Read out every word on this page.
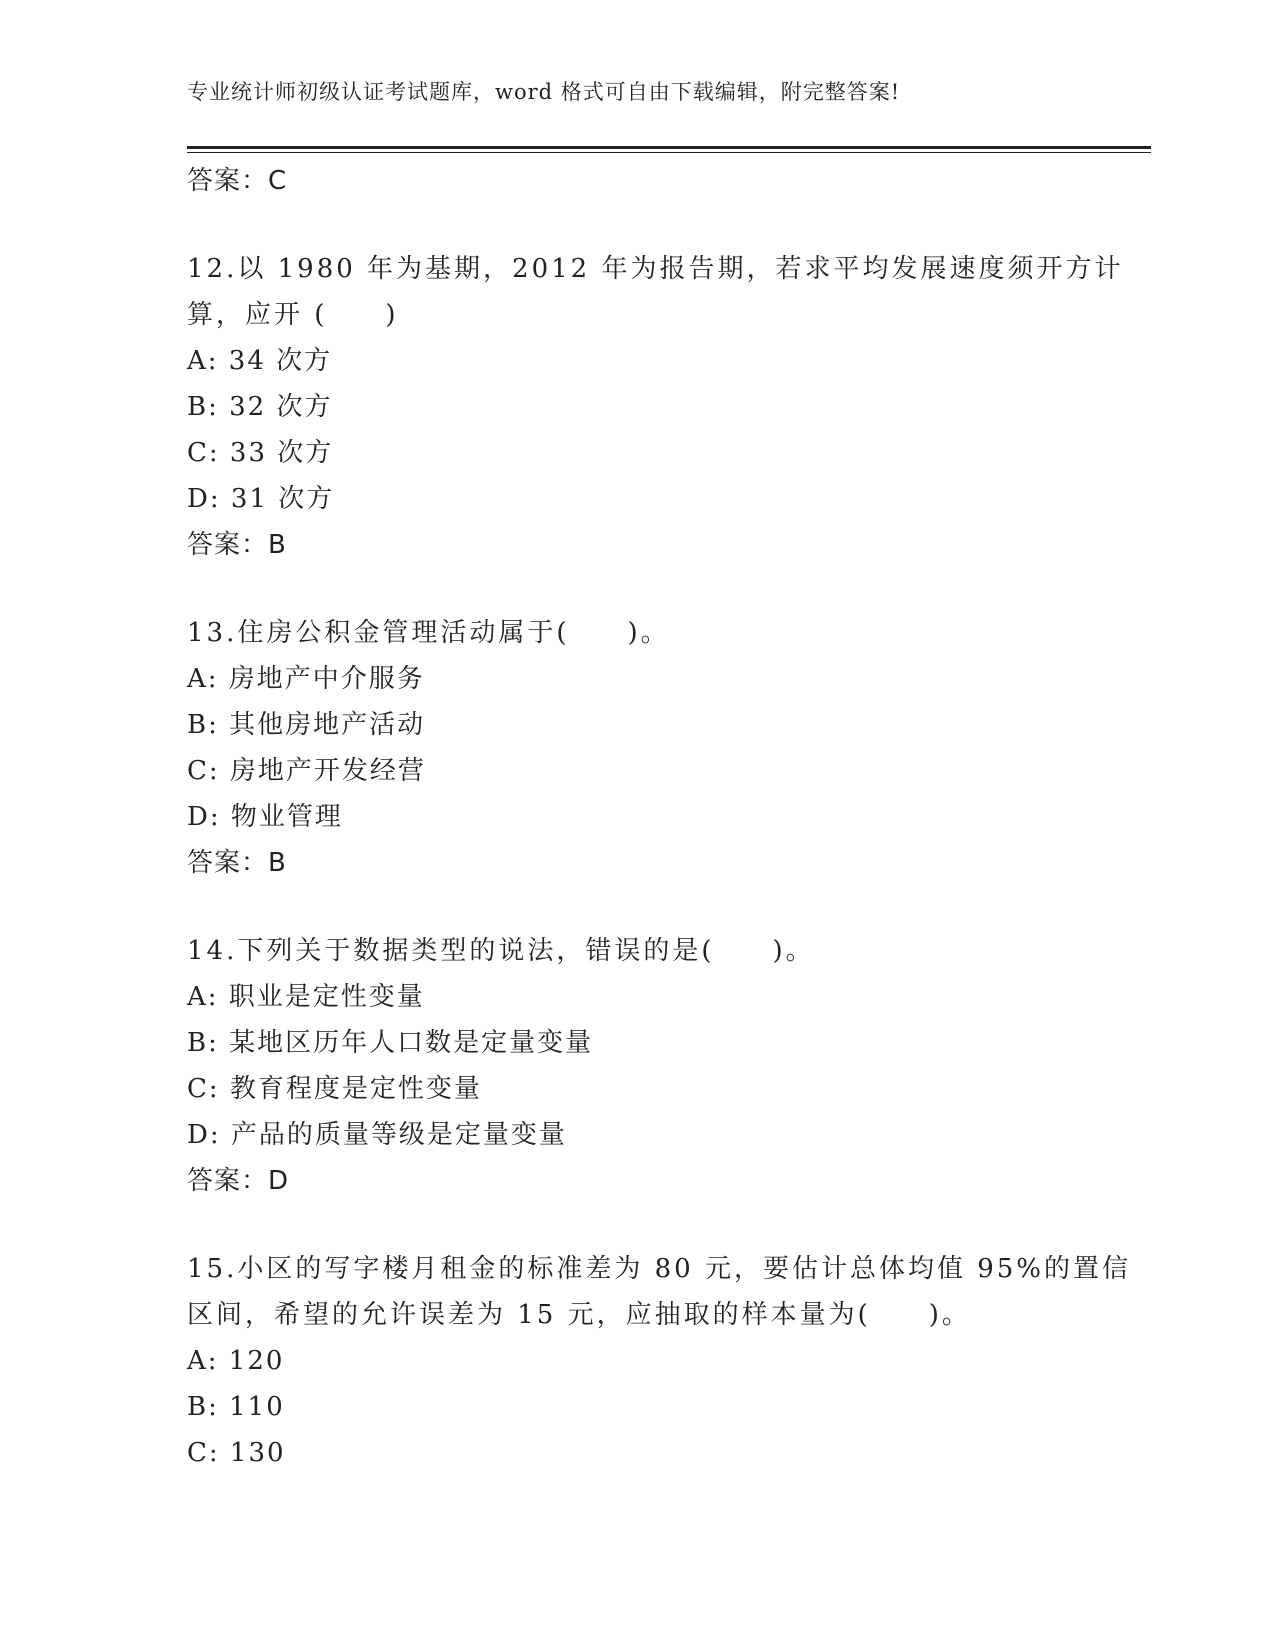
专业统计师初级认证考试题库，word 格式可自由下载编辑，附完整答案!
答案：C
12.以 1980 年为基期，2012 年为报告期，若求平均发展速度须开方计
算，应开 (　　)
A: 34 次方
B: 32 次方
C: 33 次方
D: 31 次方
答案：B
13.住房公积金管理活动属于(　　)。
A: 房地产中介服务
B: 其他房地产活动
C: 房地产开发经营
D: 物业管理
答案：B
14.下列关于数据类型的说法，错误的是(　　)。
A: 职业是定性变量
B: 某地区历年人口数是定量变量
C: 教育程度是定性变量
D: 产品的质量等级是定量变量
答案：D
15.小区的写字楼月租金的标准差为 80 元，要估计总体均值 95%的置信
区间，希望的允许误差为 15 元，应抽取的样本量为(　　)。
A: 120
B: 110
C: 130
